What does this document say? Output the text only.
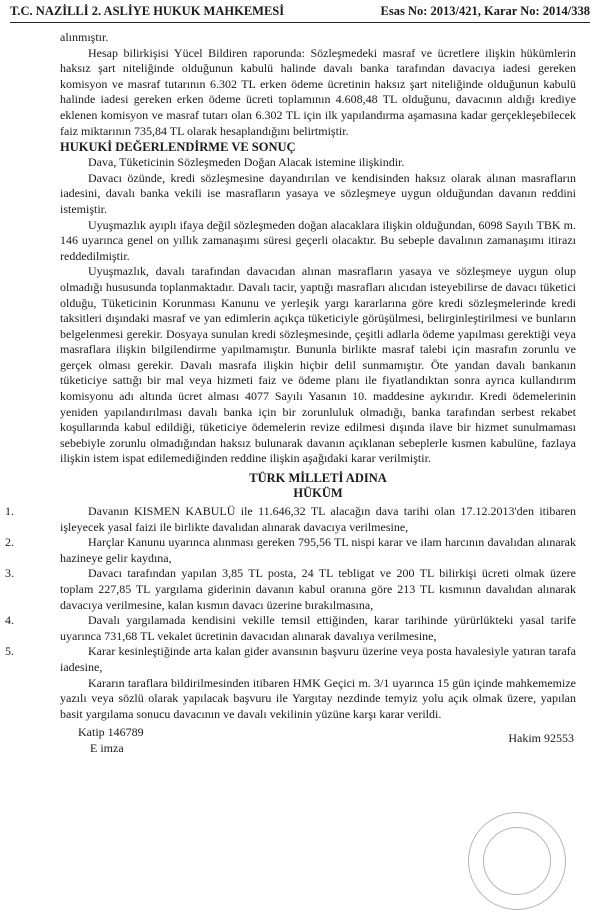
T.C. NAZİLLİ 2. ASLİYE HUKUK MAHKEMESİ	Esas No: 2013/421, Karar No: 2014/338

alınmıştır.

Hesap bilirkişisi Yücel Bildiren raporunda: Sözleşmedeki masraf ve ücretlere ilişkin hükümlerin haksız şart niteliğinde olduğunun kabulü halinde davalı banka tarafından davacıya iadesi gereken komisyon ve masraf tutarının 6.302 TL erken ödeme ücretinin haksız şart niteliğinde olduğunun kabulü halinde iadesi gereken erken ödeme ücreti toplamının 4.608,48 TL olduğunu, davacının aldığı krediye eklenen komisyon ve masraf tutarı olan 6.302 TL için ilk yapılandırma aşamasına kadar gerçekleşebilecek faiz miktarının 735,84 TL olarak hesaplandığını belirtmiştir.

HUKUKİ DEĞERLENDİRME VE SONUÇ

Dava, Tüketicinin Sözleşmeden Doğan Alacak istemine ilişkindir.

Davacı özünde, kredi sözleşmesine dayandırılan ve kendisinden haksız olarak alınan masrafların iadesini, davalı banka vekili ise masrafların yasaya ve sözleşmeye uygun olduğundan davanın reddini istemiştir.

Uyuşmazlık ayıplı ifaya değil sözleşmeden doğan alacaklara ilişkin olduğundan, 6098 Sayılı TBK m. 146 uyarınca genel on yıllık zamanaşımı süresi geçerli olacaktır. Bu sebeple davalının zamanaşımı itirazı reddedilmiştir.

Uyuşmazlık, davalı tarafından davacıdan alınan masrafların yasaya ve sözleşmeye uygun olup olmadığı hususunda toplanmaktadır. Davalı tacir, yaptığı masrafları alıcıdan isteyebilirse de davacı tüketici olduğu, Tüketicinin Korunması Kanunu ve yerleşik yargı kararlarına göre kredi sözleşmelerinde kredi taksitleri dışındaki masraf ve yan edimlerin açıkça tüketiciyle görüşülmesi, belirginleştirilmesi ve bunların belgelenmesi gerekir. Dosyaya sunulan kredi sözleşmesinde, çeşitli adlarla ödeme yapılması gerektiği veya masraflara ilişkin bilgilendirme yapılmamıştır. Bununla birlikte masraf talebi için masrafın zorunlu ve gerçek olması gerekir. Davalı masrafa ilişkin hiçbir delil sunmamıştır. Öte yandan davalı bankanın tüketiciye sattığı bir mal veya hizmeti faiz ve ödeme planı ile fiyatlandıktan sonra ayrıca kullandırım komisyonu adı altında ücret alması 4077 Sayılı Yasanın 10. maddesine aykırıdır. Kredi ödemelerinin yeniden yapılandırılması davalı banka için bir zorunluluk olmadığı, banka tarafından serbest rekabet koşullarında kabul edildiği, tüketiciye ödemelerin revize edilmesi dışında ilave bir hizmet sunulmaması sebebiyle zorunlu olmadığından haksız bulunarak davanın açıklanan sebeplerle kısmen kabulüne, fazlaya ilişkin istem ispat edilemediğinden reddine ilişkin aşağıdaki karar verilmiştir.

TÜRK MİLLETİ ADINA

HÜKÜM

1.	Davanın KISMEN KABULÜ ile 11.646,32 TL alacağın dava tarihi olan 17.12.2013'den itibaren işleyecek yasal faizi ile birlikte davalıdan alınarak davacıya verilmesine,

2.	Harçlar Kanunu uyarınca alınması gereken 795,56 TL nispi karar ve ilam harcının davalıdan alınarak hazineye gelir kaydına,

3.	Davacı tarafından yapılan 3,85 TL posta, 24 TL tebligat ve 200 TL bilirkişi ücreti olmak üzere toplam 227,85 TL yargılama giderinin davanın kabul oranına göre 213 TL kısmının davalıdan alınarak davacıya verilmesine, kalan kısmın davacı üzerine bırakılmasına,

4.	Davalı yargılamada kendisini vekille temsil ettiğinden, karar tarihinde yürürlükteki yasal tarife uyarınca 731,68 TL vekalet ücretinin davacıdan alınarak davalıya verilmesine,

5.	Karar kesinleştiğinde arta kalan gider avansının başvuru üzerine veya posta havalesiyle yatıran tarafa iadesine,

Kararın taraflara bildirilmesinden itibaren HMK Geçici m. 3/1 uyarınca 15 gün içinde mahkememize yazılı veya sözlü olarak yapılacak başvuru ile Yargıtay nezdinde temyiz yolu açık olmak üzere, yapılan basit yargılama sonucu davacının ve davalı vekilinin yüzüne karşı karar verildi.

Katip 146789
E imza
Hakim 92553
